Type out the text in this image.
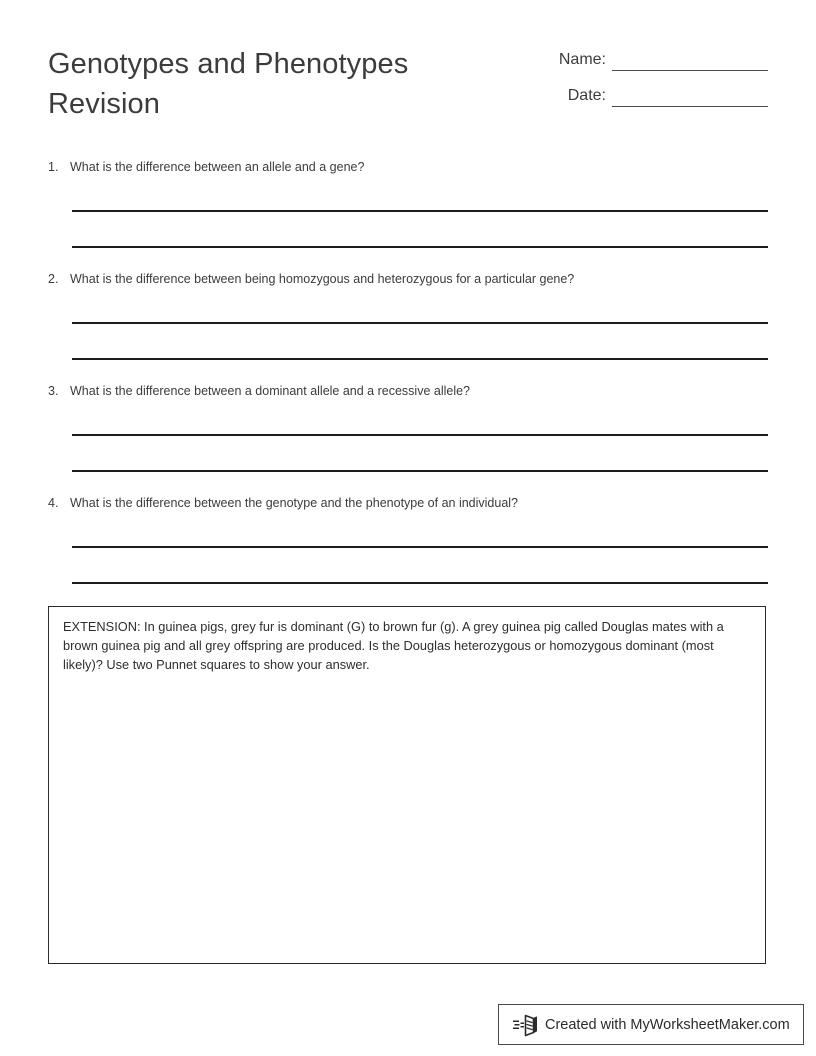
Genotypes and Phenotypes Revision
Name:
Date:
1. What is the difference between an allele and a gene?
2. What is the difference between being homozygous and heterozygous for a particular gene?
3. What is the difference between a dominant allele and a recessive allele?
4. What is the difference between the genotype and the phenotype of an individual?
EXTENSION: In guinea pigs, grey fur is dominant (G) to brown fur (g). A grey guinea pig called Douglas mates with a brown guinea pig and all grey offspring are produced. Is the Douglas heterozygous or homozygous dominant (most likely)? Use two Punnet squares to show your answer.
Created with MyWorksheetMaker.com
